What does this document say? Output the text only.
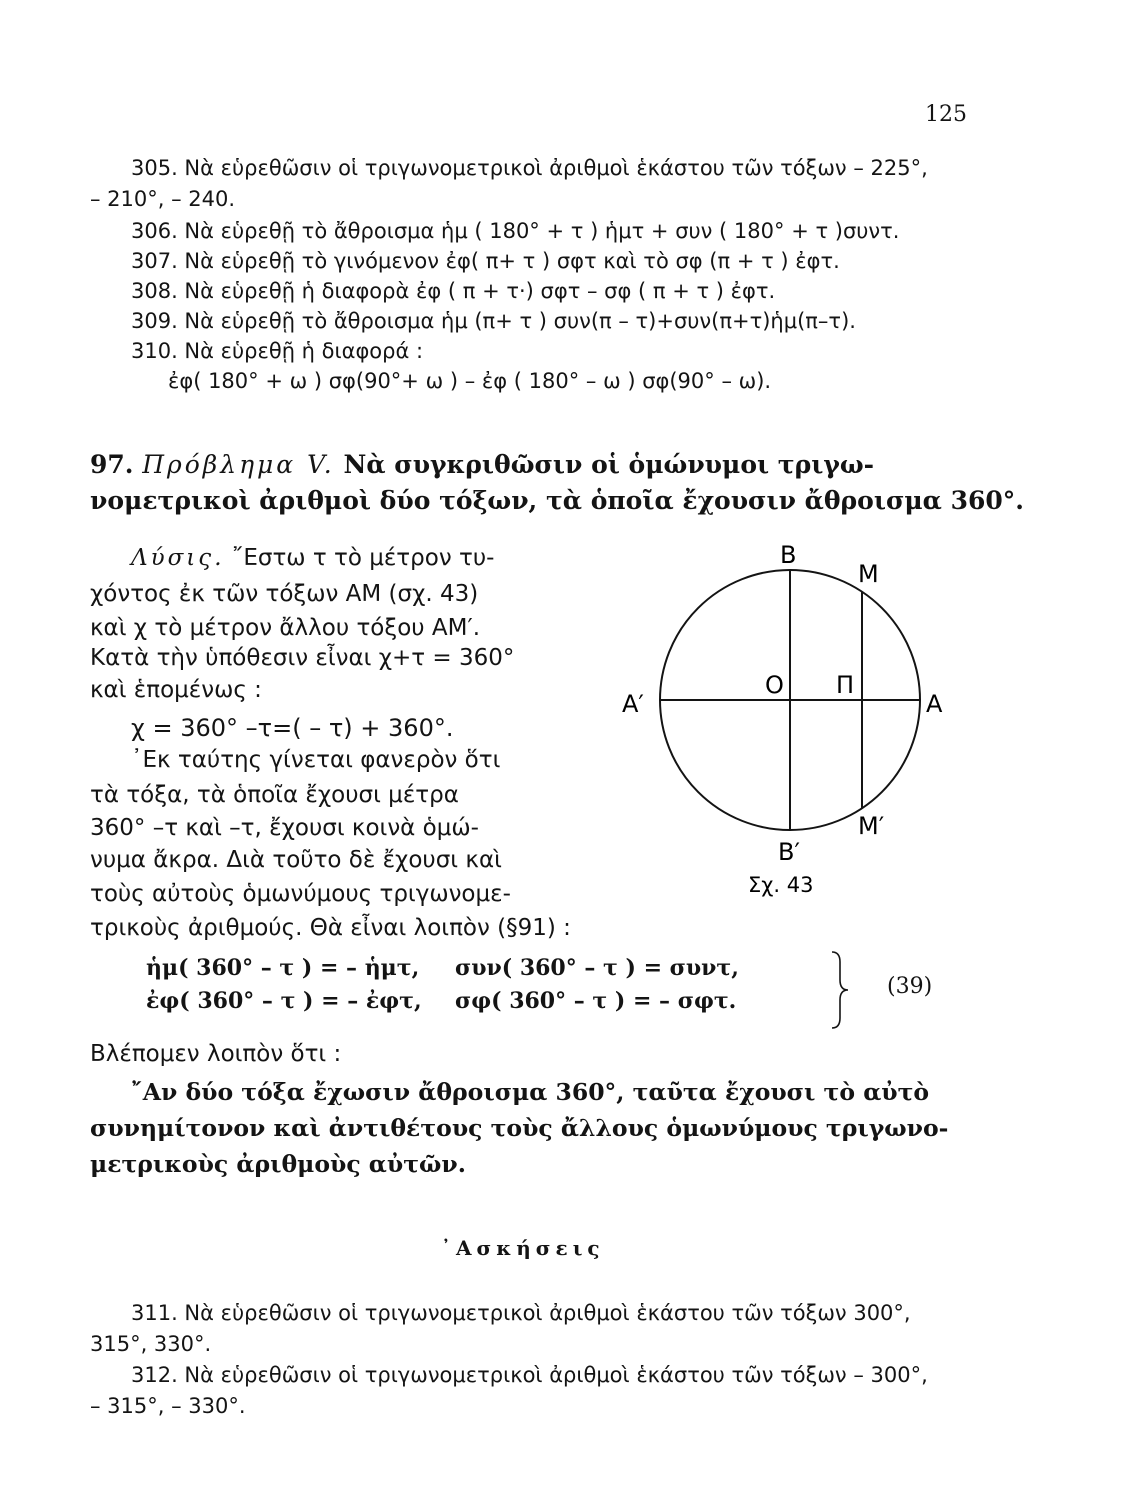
125
305. Νὰ εὑρεθῶσιν οἱ τριγωνομετρικοὶ ἀριθμοὶ ἑκάστου τῶν τόξων – 225°,
– 210°, – 240.
306. Νὰ εὑρεθῇ τὸ ἄθροισμα ἡμ ( 180° + τ ) ἡμτ + συν ( 180° + τ )συντ.
307. Νὰ εὑρεθῇ τὸ γινόμενον ἐφ( π+ τ ) σφτ καὶ τὸ σφ (π + τ ) ἐφτ.
308. Νὰ εὑρεθῇ ἡ διαφορὰ ἐφ ( π + τ·) σφτ – σφ ( π + τ ) ἐφτ.
309. Νὰ εὑρεθῇ τὸ ἄθροισμα ἡμ (π+ τ ) συν(π – τ)+συν(π+τ)ἡμ(π–τ).
310. Νὰ εὑρεθῇ ἡ διαφορά :
ἐφ( 180° + ω ) σφ(90°+ ω ) – ἐφ ( 180° – ω ) σφ(90° – ω).
97. Πρόβλημα V. Νὰ συγκριθῶσιν οἱ ὁμώνυμοι τριγω-
νομετρικοὶ ἀριθμοὶ δύο τόξων, τὰ ὁποῖα ἔχουσιν ἄθροισμα 360°.
Λύσις. ῎Εστω τ τὸ μέτρον τυ-
χόντος ἐκ τῶν τόξων ΑΜ (σχ. 43)
καὶ χ τὸ μέτρον ἄλλου τόξου ΑΜ′.
Κατὰ τὴν ὑπόθεσιν εἶναι χ+τ = 360°
καὶ ἑπομένως :
χ = 360° –τ=( – τ) + 360°.
᾿Εκ ταύτης γίνεται φανερὸν ὅτι
τὰ τόξα, τὰ ὁποῖα ἔχουσι μέτρα
360° –τ καὶ –τ, ἔχουσι κοινὰ ὁμώ-
νυμα ἄκρα. Διὰ τοῦτο δὲ ἔχουσι καὶ
τοὺς αὐτοὺς ὁμωνύμους τριγωνομε-
τρικοὺς ἀριθμούς. Θὰ εἶναι λοιπὸν (§91) :
Β
Μ
Ο Π
Α′	Α
Β′
Μ′
Σχ. 43
ἡμ( 360° – τ ) = – ἡμτ, συν( 360° – τ ) = συντ,
ἐφ( 360° – τ ) = – ἐφτ, σφ( 360° – τ ) = – σφτ.
(39)
Βλέπομεν λοιπὸν ὅτι :
῎Αν δύο τόξα ἔχωσιν ἄθροισμα 360°, ταῦτα ἔχουσι τὸ αὐτὸ
συνημίτονον καὶ ἀντιθέτους τοὺς ἄλλους ὁμωνύμους τριγωνο-
μετρικοὺς ἀριθμοὺς αὐτῶν.
᾿Ασκήσεις
311. Νὰ εὑρεθῶσιν οἱ τριγωνομετρικοὶ ἀριθμοὶ ἑκάστου τῶν τόξων 300°,
315°, 330°.
312. Νὰ εὑρεθῶσιν οἱ τριγωνομετρικοὶ ἀριθμοὶ ἑκάστου τῶν τόξων – 300°,
– 315°, – 330°.
